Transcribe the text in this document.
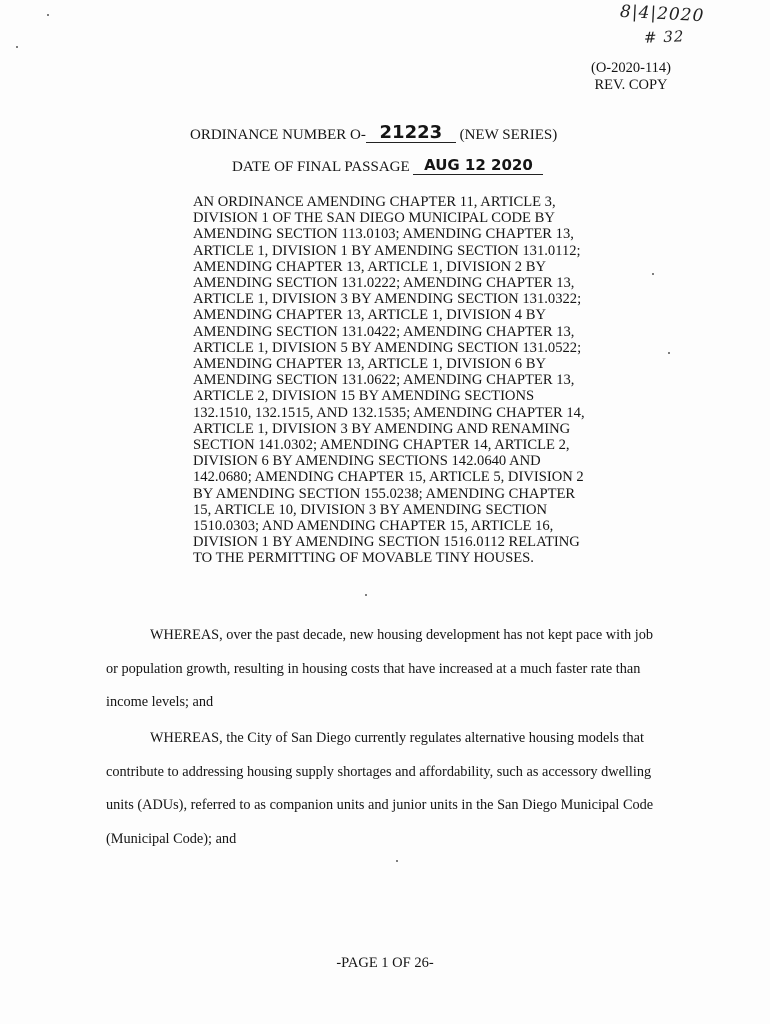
8|4|2020
# 32
(O-2020-114)
REV. COPY
ORDINANCE NUMBER O- 21223 (NEW SERIES)
DATE OF FINAL PASSAGE AUG 12 2020
AN ORDINANCE AMENDING CHAPTER 11, ARTICLE 3,
DIVISION 1 OF THE SAN DIEGO MUNICIPAL CODE BY
AMENDING SECTION 113.0103; AMENDING CHAPTER 13,
ARTICLE 1, DIVISION 1 BY AMENDING SECTION 131.0112;
AMENDING CHAPTER 13, ARTICLE 1, DIVISION 2 BY
AMENDING SECTION 131.0222; AMENDING CHAPTER 13,
ARTICLE 1, DIVISION 3 BY AMENDING SECTION 131.0322;
AMENDING CHAPTER 13, ARTICLE 1, DIVISION 4 BY
AMENDING SECTION 131.0422; AMENDING CHAPTER 13,
ARTICLE 1, DIVISION 5 BY AMENDING SECTION 131.0522;
AMENDING CHAPTER 13, ARTICLE 1, DIVISION 6 BY
AMENDING SECTION 131.0622; AMENDING CHAPTER 13,
ARTICLE 2, DIVISION 15 BY AMENDING SECTIONS
132.1510, 132.1515, AND 132.1535; AMENDING CHAPTER 14,
ARTICLE 1, DIVISION 3 BY AMENDING AND RENAMING
SECTION 141.0302; AMENDING CHAPTER 14, ARTICLE 2,
DIVISION 6 BY AMENDING SECTIONS 142.0640 AND
142.0680; AMENDING CHAPTER 15, ARTICLE 5, DIVISION 2
BY AMENDING SECTION 155.0238; AMENDING CHAPTER
15, ARTICLE 10, DIVISION 3 BY AMENDING SECTION
1510.0303; AND AMENDING CHAPTER 15, ARTICLE 16,
DIVISION 1 BY AMENDING SECTION 1516.0112 RELATING
TO THE PERMITTING OF MOVABLE TINY HOUSES.
WHEREAS, over the past decade, new housing development has not kept pace with job
or population growth, resulting in housing costs that have increased at a much faster rate than
income levels; and
WHEREAS, the City of San Diego currently regulates alternative housing models that
contribute to addressing housing supply shortages and affordability, such as accessory dwelling
units (ADUs), referred to as companion units and junior units in the San Diego Municipal Code
(Municipal Code); and
-PAGE 1 OF 26-
